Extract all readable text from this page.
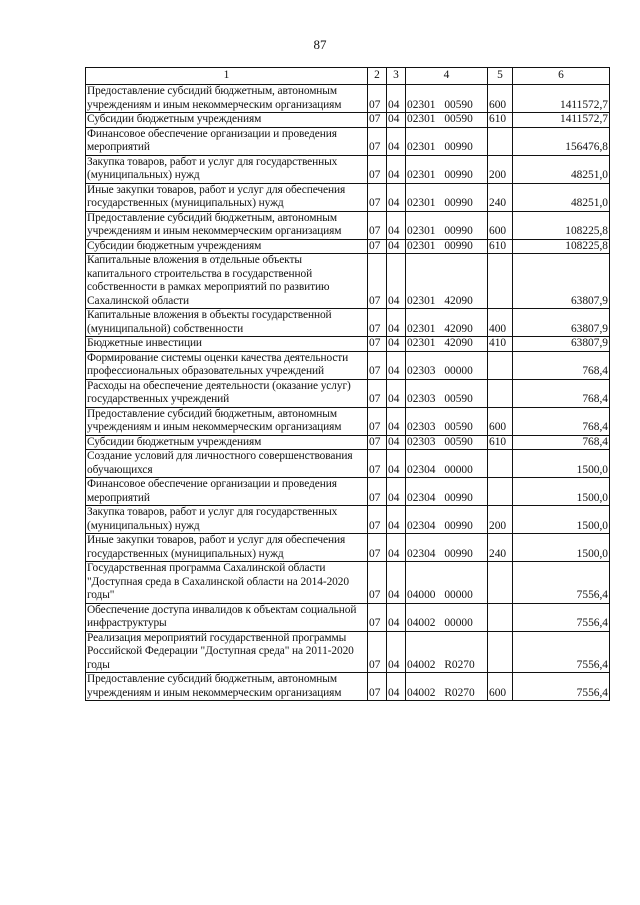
87
1	2	3	4	5	6
Предоставление субсидий бюджетным, автономным учреждениям и иным некоммерческим организациям	07	04	02301 00590	600	1411572,7
Субсидии бюджетным учреждениям	07	04	02301 00590	610	1411572,7
Финансовое обеспечение организации и проведения мероприятий	07	04	02301 00990		156476,8
Закупка товаров, работ и услуг для государственных (муниципальных) нужд	07	04	02301 00990	200	48251,0
Иные закупки товаров, работ и услуг для обеспечения государственных (муниципальных) нужд	07	04	02301 00990	240	48251,0
Предоставление субсидий бюджетным, автономным учреждениям и иным некоммерческим организациям	07	04	02301 00990	600	108225,8
Субсидии бюджетным учреждениям	07	04	02301 00990	610	108225,8
Капитальные вложения в отдельные объекты капитального строительства в государственной собственности в рамках мероприятий по развитию Сахалинской области	07	04	02301 42090		63807,9
Капитальные вложения в объекты государственной (муниципальной) собственности	07	04	02301 42090	400	63807,9
Бюджетные инвестиции	07	04	02301 42090	410	63807,9
Формирование системы оценки качества деятельности профессиональных образовательных учреждений	07	04	02303 00000		768,4
Расходы на обеспечение деятельности (оказание услуг) государственных учреждений	07	04	02303 00590		768,4
Предоставление субсидий бюджетным, автономным учреждениям и иным некоммерческим организациям	07	04	02303 00590	600	768,4
Субсидии бюджетным учреждениям	07	04	02303 00590	610	768,4
Создание условий для личностного совершенствования обучающихся	07	04	02304 00000		1500,0
Финансовое обеспечение организации и проведения мероприятий	07	04	02304 00990		1500,0
Закупка товаров, работ и услуг для государственных (муниципальных) нужд	07	04	02304 00990	200	1500,0
Иные закупки товаров, работ и услуг для обеспечения государственных (муниципальных) нужд	07	04	02304 00990	240	1500,0
Государственная программа Сахалинской области "Доступная среда в Сахалинской области на 2014-2020 годы"	07	04	04000 00000		7556,4
Обеспечение доступа инвалидов к объектам социальной инфраструктуры	07	04	04002 00000		7556,4
Реализация мероприятий государственной программы Российской Федерации "Доступная среда" на 2011-2020 годы	07	04	04002 R0270		7556,4
Предоставление субсидий бюджетным, автономным учреждениям и иным некоммерческим организациям	07	04	04002 R0270	600	7556,4
